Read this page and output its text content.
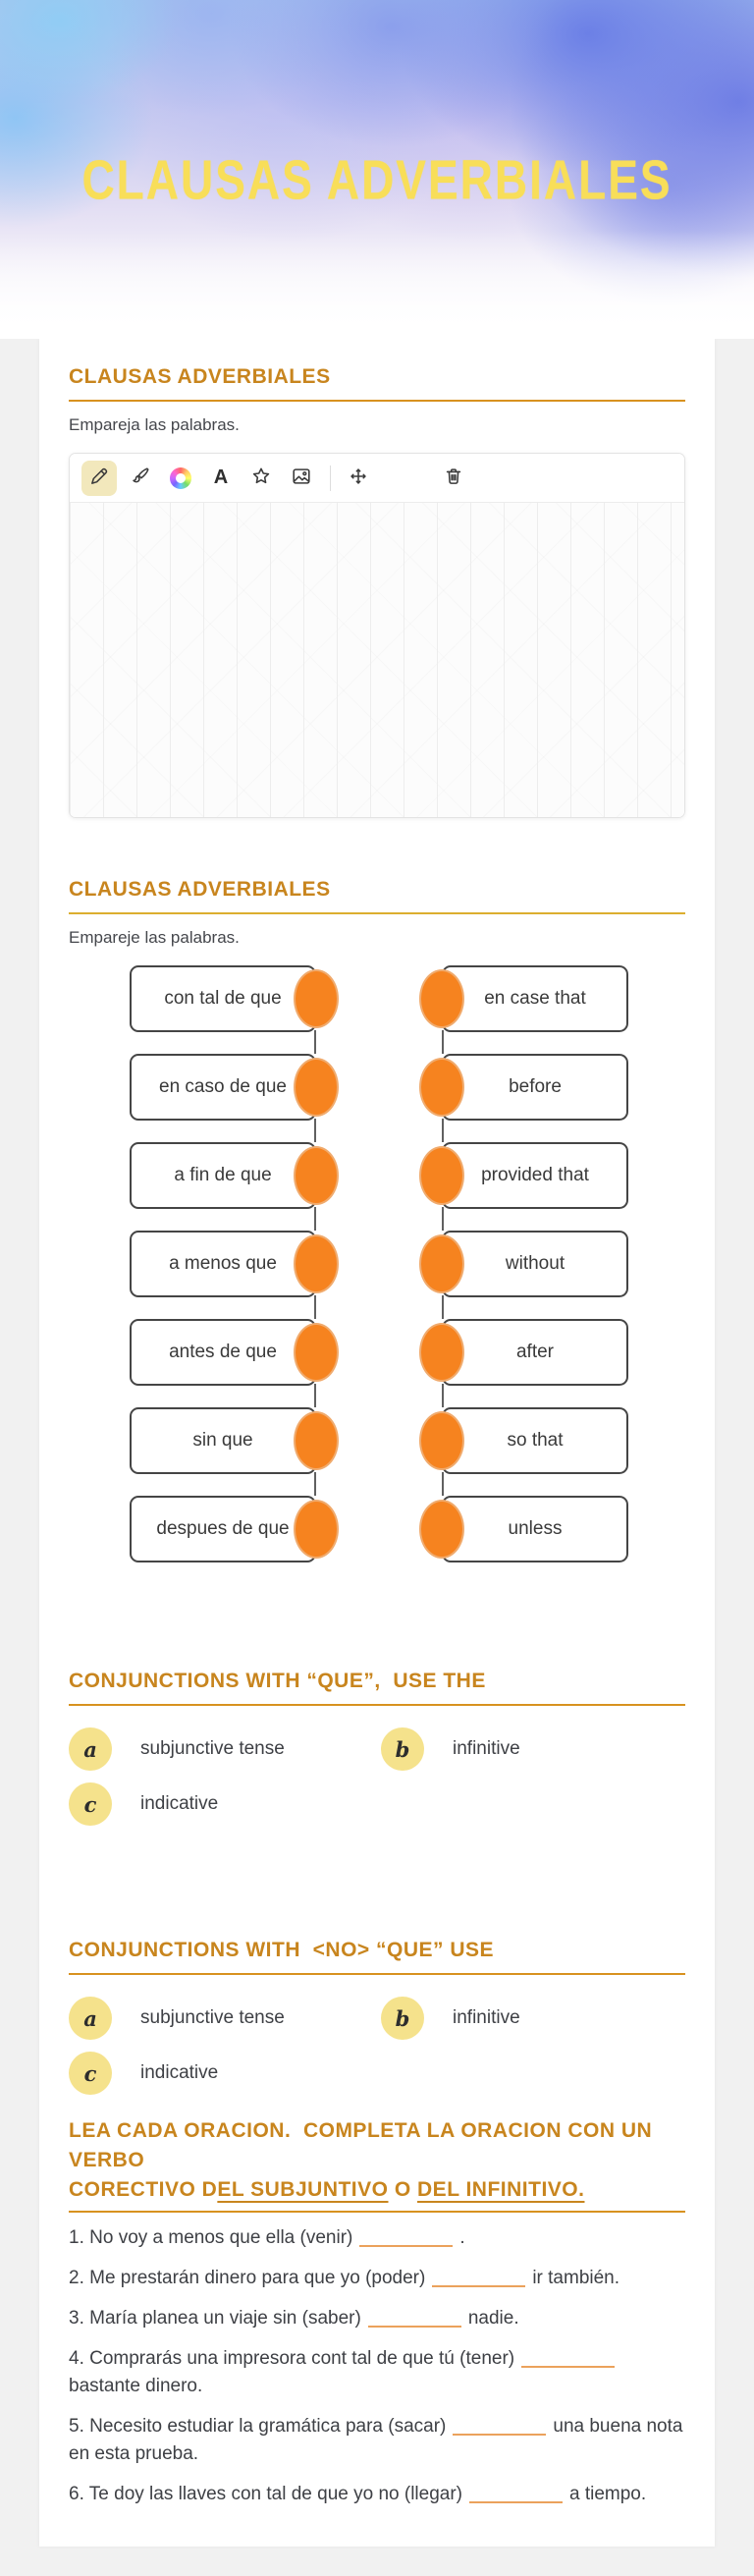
CLAUSAS ADVERBIALES
CLAUSAS ADVERBIALES

Empareja las palabras.

A
CLAUSAS ADVERBIALES

Empareje las palabras.

con tal de que	en case that
en caso de que	before
a fin de que	provided that
a menos que	without
antes de que	after
sin que	so that
despues de que	unless
CONJUNCTIONS WITH “QUE”,  USE THE
a	subjunctive tense	b	infinitive
c	indicative
CONJUNCTIONS WITH  <NO> “QUE” USE
a	subjunctive tense	b	infinitive
c	indicative
LEA CADA ORACION.  COMPLETA LA ORACION CON UN VERBO
CORECTIVO DEL SUBJUNTIVO O DEL INFINITIVO.

1. No voy a menos que ella (venir)	.

2. Me prestarán dinero para que yo (poder)	ir también.

3. María planea un viaje sin (saber)	nadie.

4. Comprarás una impresora cont tal de que tú (tener)bastante dinero.

5. Necesito estudiar la gramática para (sacar)	una buena nota en esta prueba.

6. Te doy las llaves con tal de que yo no (llegar)	a tiempo.
